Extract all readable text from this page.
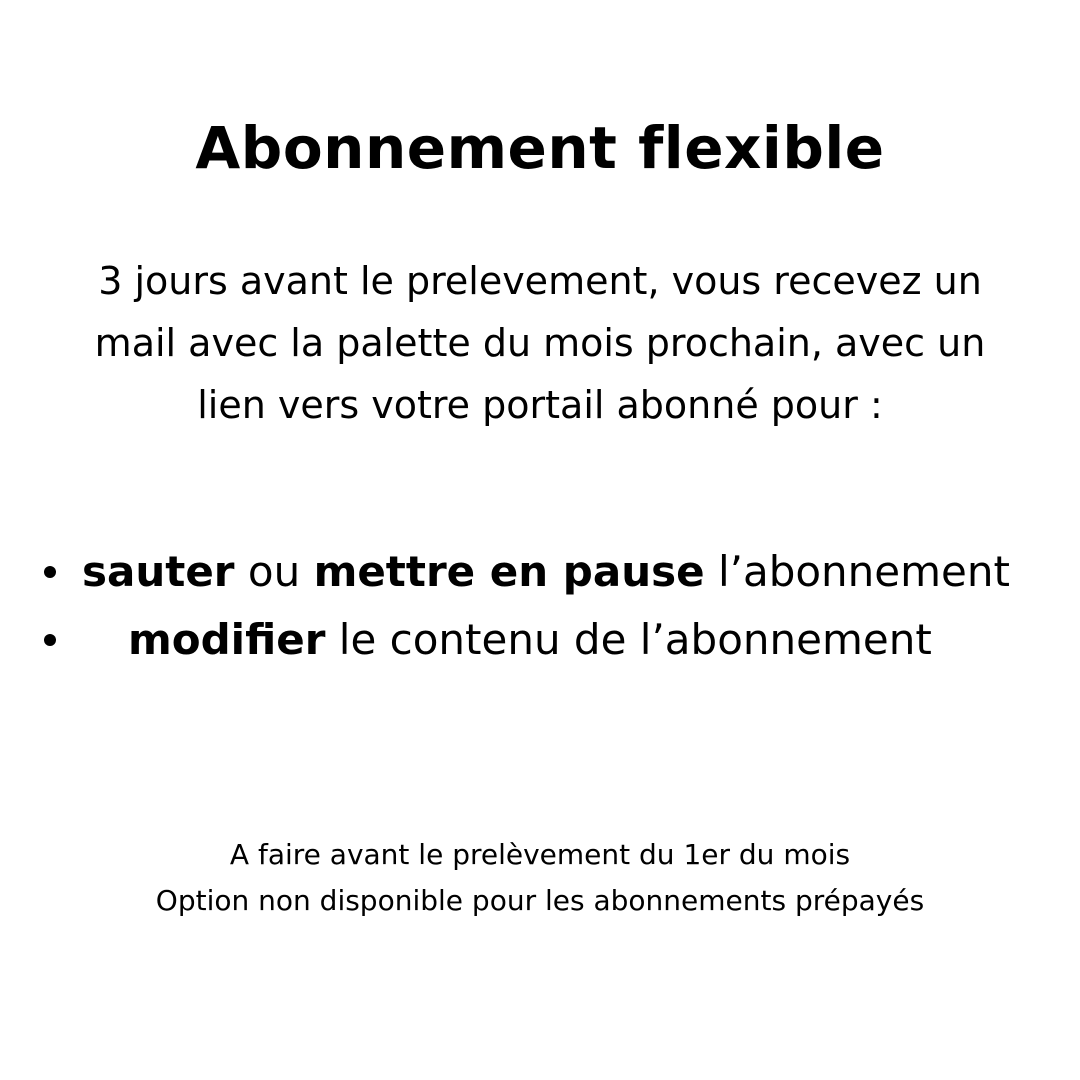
Abonnement flexible
3 jours avant le prelevement, vous recevez un
mail avec la palette du mois prochain, avec un
lien vers votre portail abonné pour :
sauter ou mettre en pause l’abonnement
modifier le contenu de l’abonnement
A faire avant le prelèvement du 1er du mois
Option non disponible pour les abonnements prépayés
